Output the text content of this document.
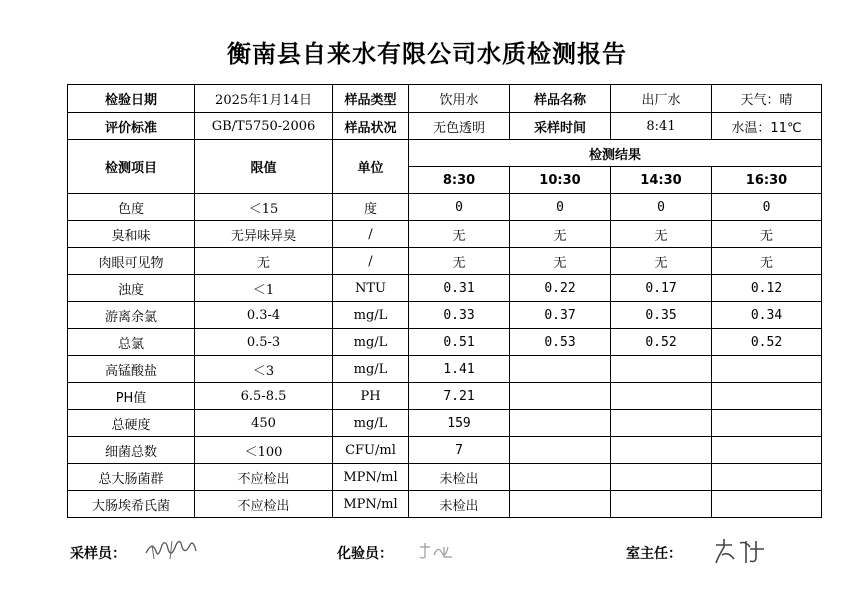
衡南县自来水有限公司水质检测报告
检验日期	2025年1月14日	样品类型	饮用水	样品名称	出厂水	天气：晴
评价标准	GB/T5750-2006	样品状况	无色透明	采样时间	8:41	水温：11℃
检测项目	限值	单位	检测结果			
			8:30	10:30	14:30	16:30
色度	＜15	度	0	0	0	0
臭和味	无异味异臭	/	无	无	无	无
肉眼可见物	无	/	无	无	无	无
浊度	＜1	NTU	0.31	0.22	0.17	0.12
游离余氯	0.3-4	mg/L	0.33	0.37	0.35	0.34
总氯	0.5-3	mg/L	0.51	0.53	0.52	0.52
高锰酸盐	＜3	mg/L	1.41			
PH值	6.5-8.5	PH	7.21			
总硬度	450	mg/L	159			
细菌总数	＜100	CFU/ml	7			
总大肠菌群	不应检出	MPN/ml	未检出			
大肠埃希氏菌	不应检出	MPN/ml	未检出			
采样员：	化验员：	室主任：
